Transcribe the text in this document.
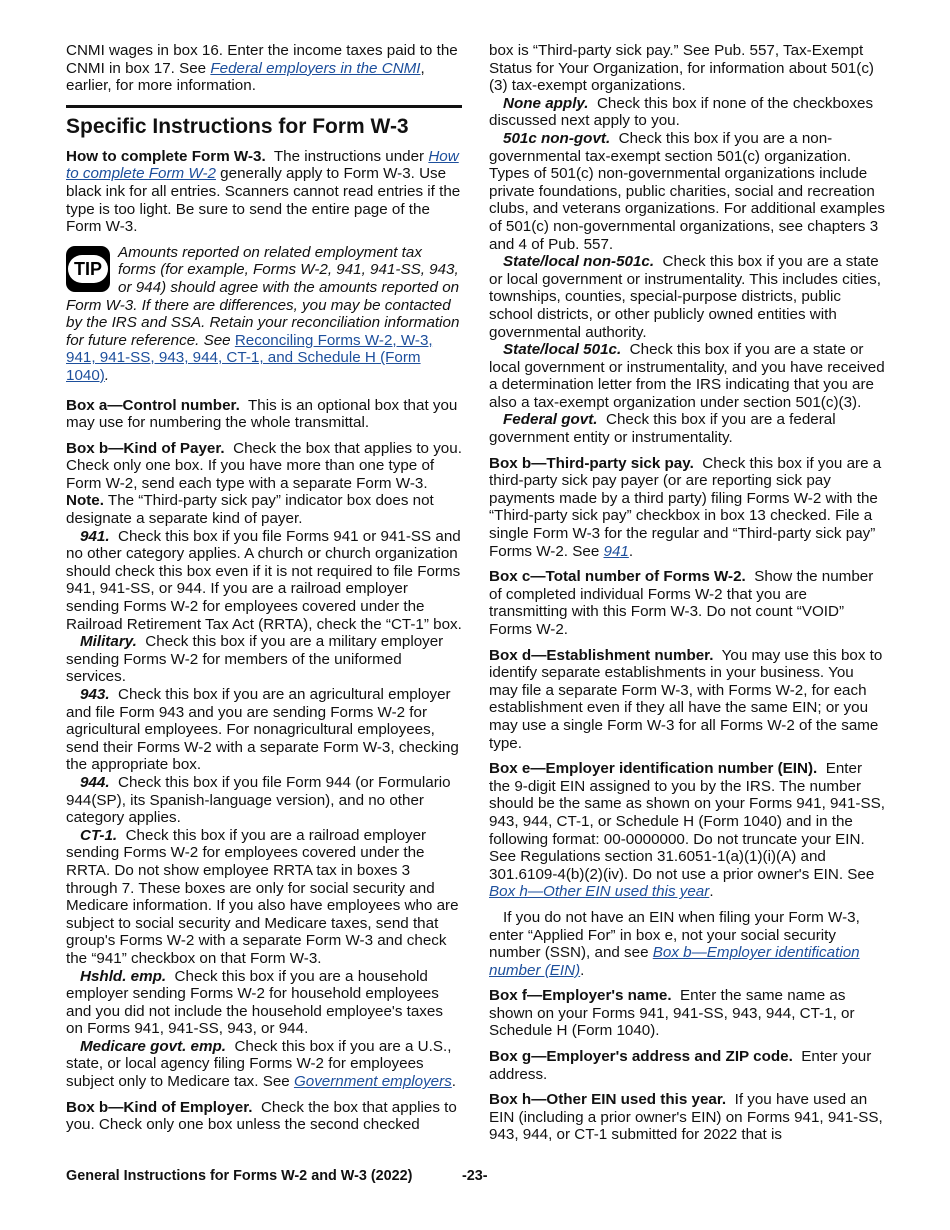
CNMI wages in box 16. Enter the income taxes paid to the CNMI in box 17. See Federal employers in the CNMI, earlier, for more information.

Specific Instructions for Form W-3

How to complete Form W-3. The instructions under How to complete Form W-2 generally apply to Form W-3. Use black ink for all entries. Scanners cannot read entries if the type is too light. Be sure to send the entire page of the Form W-3.

TIP
Amounts reported on related employment tax forms (for example, Forms W-2, 941, 941-SS, 943, or 944) should agree with the amounts reported on Form W-3. If there are differences, you may be contacted by the IRS and SSA. Retain your reconciliation information for future reference. See Reconciling Forms W-2, W-3, 941, 941-SS, 943, 944, CT-1, and Schedule H (Form 1040).

Box a—Control number. This is an optional box that you may use for numbering the whole transmittal.

Box b—Kind of Payer. Check the box that applies to you. Check only one box. If you have more than one type of Form W-2, send each type with a separate Form W-3. Note. The “Third-party sick pay” indicator box does not designate a separate kind of payer.

941. Check this box if you file Forms 941 or 941-SS and no other category applies. A church or church organization should check this box even if it is not required to file Forms 941, 941-SS, or 944. If you are a railroad employer sending Forms W-2 for employees covered under the Railroad Retirement Tax Act (RRTA), check the “CT-1” box.

Military. Check this box if you are a military employer sending Forms W-2 for members of the uniformed services.

943. Check this box if you are an agricultural employer and file Form 943 and you are sending Forms W-2 for agricultural employees. For nonagricultural employees, send their Forms W-2 with a separate Form W-3, checking the appropriate box.

944. Check this box if you file Form 944 (or Formulario 944(SP), its Spanish-language version), and no other category applies.

CT-1. Check this box if you are a railroad employer sending Forms W-2 for employees covered under the RRTA. Do not show employee RRTA tax in boxes 3 through 7. These boxes are only for social security and Medicare information. If you also have employees who are subject to social security and Medicare taxes, send that group's Forms W-2 with a separate Form W-3 and check the “941” checkbox on that Form W-3.

Hshld. emp. Check this box if you are a household employer sending Forms W-2 for household employees and you did not include the household employee's taxes on Forms 941, 941-SS, 943, or 944.

Medicare govt. emp. Check this box if you are a U.S., state, or local agency filing Forms W-2 for employees subject only to Medicare tax. See Government employers.

Box b—Kind of Employer. Check the box that applies to you. Check only one box unless the second checked

box is “Third-party sick pay.” See Pub. 557, Tax-Exempt Status for Your Organization, for information about 501(c)(3) tax-exempt organizations.

None apply. Check this box if none of the checkboxes discussed next apply to you.

501c non-govt. Check this box if you are a non-governmental tax-exempt section 501(c) organization. Types of 501(c) non-governmental organizations include private foundations, public charities, social and recreation clubs, and veterans organizations. For additional examples of 501(c) non-governmental organizations, see chapters 3 and 4 of Pub. 557.

State/local non-501c. Check this box if you are a state or local government or instrumentality. This includes cities, townships, counties, special-purpose districts, public school districts, or other publicly owned entities with governmental authority.

State/local 501c. Check this box if you are a state or local government or instrumentality, and you have received a determination letter from the IRS indicating that you are also a tax-exempt organization under section 501(c)(3).

Federal govt. Check this box if you are a federal government entity or instrumentality.

Box b—Third-party sick pay. Check this box if you are a third-party sick pay payer (or are reporting sick pay payments made by a third party) filing Forms W-2 with the “Third-party sick pay” checkbox in box 13 checked. File a single Form W-3 for the regular and “Third-party sick pay” Forms W-2. See 941.

Box c—Total number of Forms W-2. Show the number of completed individual Forms W-2 that you are transmitting with this Form W-3. Do not count “VOID” Forms W-2.

Box d—Establishment number. You may use this box to identify separate establishments in your business. You may file a separate Form W-3, with Forms W-2, for each establishment even if they all have the same EIN; or you may use a single Form W-3 for all Forms W-2 of the same type.

Box e—Employer identification number (EIN). Enter the 9-digit EIN assigned to you by the IRS. The number should be the same as shown on your Forms 941, 941-SS, 943, 944, CT-1, or Schedule H (Form 1040) and in the following format: 00-0000000. Do not truncate your EIN. See Regulations section 31.6051-1(a)(1)(i)(A) and 301.6109-4(b)(2)(iv). Do not use a prior owner's EIN. See Box h—Other EIN used this year.

If you do not have an EIN when filing your Form W-3, enter “Applied For” in box e, not your social security number (SSN), and see Box b—Employer identification number (EIN).

Box f—Employer's name. Enter the same name as shown on your Forms 941, 941-SS, 943, 944, CT-1, or Schedule H (Form 1040).

Box g—Employer's address and ZIP code. Enter your address.

Box h—Other EIN used this year. If you have used an EIN (including a prior owner's EIN) on Forms 941, 941-SS, 943, 944, or CT-1 submitted for 2022 that is

General Instructions for Forms W-2 and W-3 (2022)	-23-
